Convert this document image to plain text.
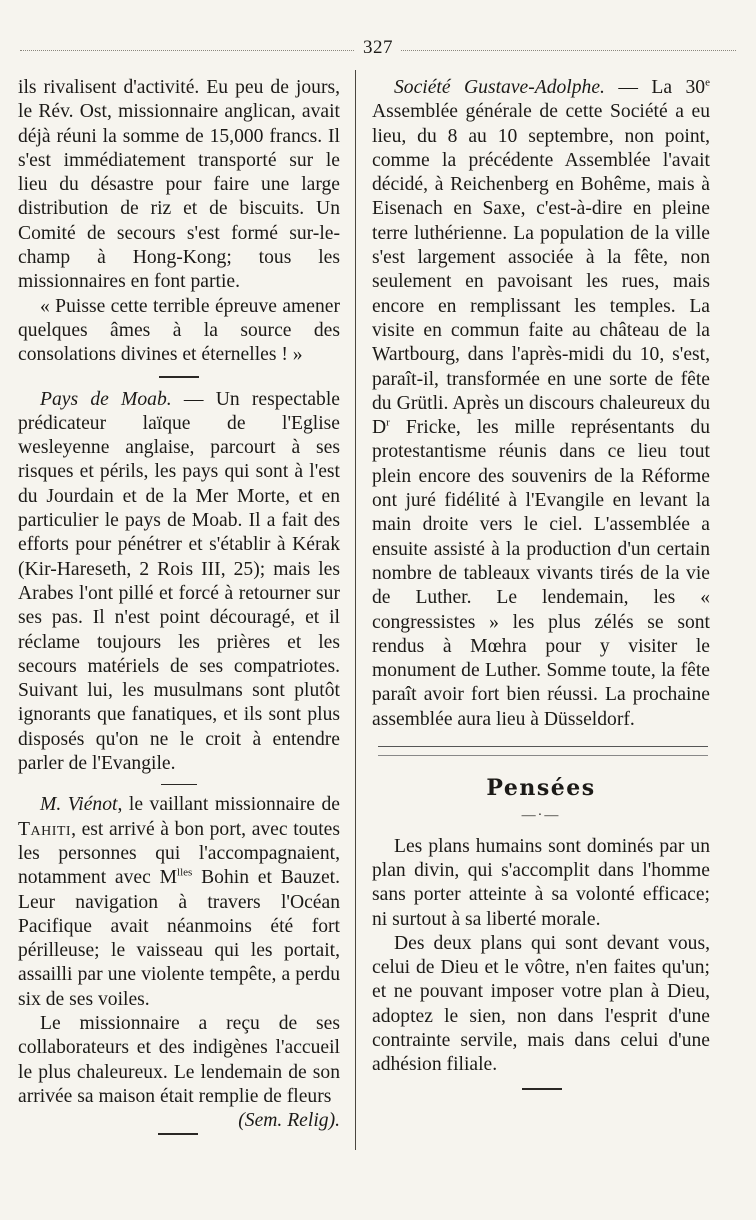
327

ils rivalisent d'activité. Eu peu de jours, le Rév. Ost, missionnaire anglican, avait déjà réuni la somme de 15,000 francs. Il s'est immédiatement transporté sur le lieu du désastre pour faire une large distribution de riz et de biscuits. Un Comité de secours s'est formé sur-le-champ à Hong-Kong; tous les missionnaires en font partie.

« Puisse cette terrible épreuve amener quelques âmes à la source des consolations divines et éternelles ! »

Pays de Moab. — Un respectable prédicateur laïque de l'Eglise wesleyenne anglaise, parcourt à ses risques et périls, les pays qui sont à l'est du Jourdain et de la Mer Morte, et en particulier le pays de Moab. Il a fait des efforts pour pénétrer et s'établir à Kérak (Kir-Hareseth, 2 Rois III, 25); mais les Arabes l'ont pillé et forcé à retourner sur ses pas. Il n'est point découragé, et il réclame toujours les prières et les secours matériels de ses compatriotes. Suivant lui, les musulmans sont plutôt ignorants que fanatiques, et ils sont plus disposés qu'on ne le croit à entendre parler de l'Evangile.

M. Viénot, le vaillant missionnaire de Tahiti, est arrivé à bon port, avec toutes les personnes qui l'accompagnaient, notamment avec $M^{lles}$ Bohin et Bauzet. Leur navigation à travers l'Océan Pacifique avait néanmoins été fort périlleuse; le vaisseau qui les portait, assailli par une violente tempête, a perdu six de ses voiles.

Le missionnaire a reçu de ses collaborateurs et des indigènes l'accueil le plus chaleureux. Le lendemain de son arrivée sa maison était remplie de fleurs
(Sem. Relig).

Société Gustave-Adolphe. — La 30e Assemblée générale de cette Société a eu lieu, du 8 au 10 septembre, non point, comme la précédente Assemblée l'avait décidé, à Reichenberg en Bohême, mais à Eisenach en Saxe, c'est-à-dire en pleine terre luthérienne. La population de la ville s'est largement associée à la fête, non seulement en pavoisant les rues, mais encore en remplissant les temples. La visite en commun faite au château de la Wartbourg, dans l'après-midi du 10, s'est, paraît-il, transformée en une sorte de fête du Grütli. Après un discours chaleureux du $D^r$ Fricke, les mille représentants du protestantisme réunis dans ce lieu tout plein encore des souvenirs de la Réforme ont juré fidélité à l'Evangile en levant la main droite vers le ciel. L'assemblée a ensuite assisté à la production d'un certain nombre de tableaux vivants tirés de la vie de Luther. Le lendemain, les « congressistes » les plus zélés se sont rendus à Mœhra pour y visiter le monument de Luther. Somme toute, la fête paraît avoir fort bien réussi. La prochaine assemblée aura lieu à Düsseldorf.

Pensées
—·—

Les plans humains sont dominés par un plan divin, qui s'accomplit dans l'homme sans porter atteinte à sa volonté efficace; ni surtout à sa liberté morale.

Des deux plans qui sont devant vous, celui de Dieu et le vôtre, n'en faites qu'un; et ne pouvant imposer votre plan à Dieu, adoptez le sien, non dans l'esprit d'une contrainte servile, mais dans celui d'une adhésion filiale.
